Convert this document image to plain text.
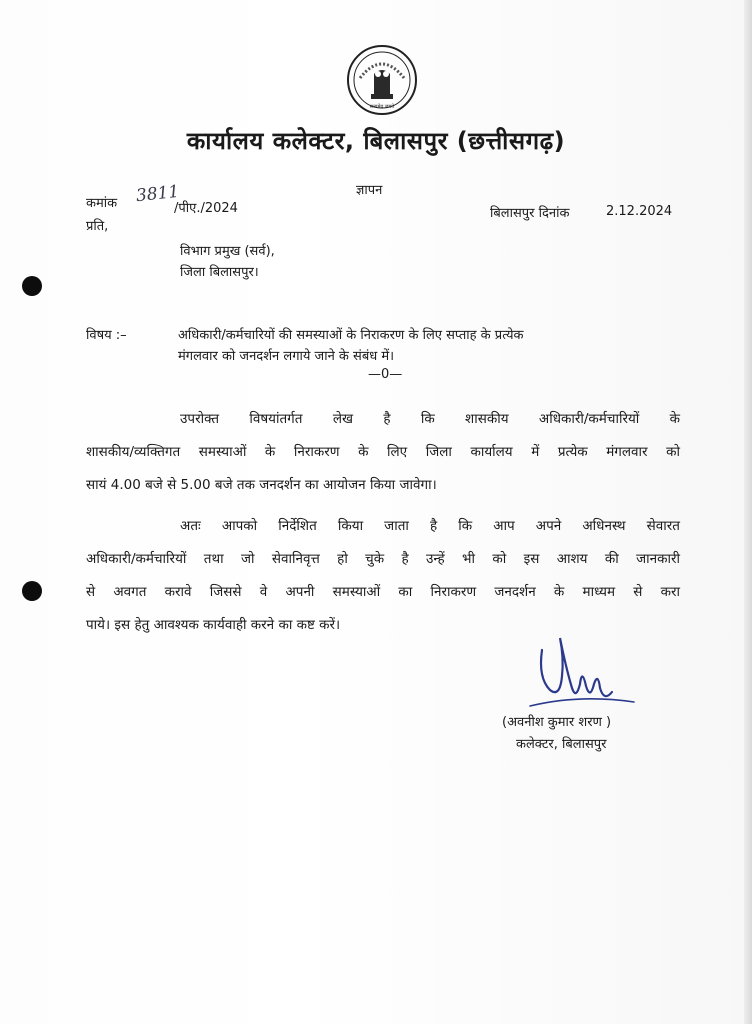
सत्यमेव जयते
कार्यालय कलेक्टर, बिलासपुर (छत्तीसगढ़)
ज्ञापन
कमांक 3811
/पीए./2024
प्रति,
बिलासपुर दिनांक	2.12.2024
विभाग प्रमुख (सर्व),
जिला बिलासपुर।
विषय :–	अधिकारी/कर्मचारियों की समस्याओं के निराकरण के लिए सप्ताह के प्रत्येक
मंगलवार को जनदर्शन लगाये जाने के संबंध में।
—0—
उपरोक्त विषयांतर्गत लेख है कि शासकीय अधिकारी/कर्मचारियों के
शासकीय/व्यक्तिगत समस्याओं के निराकरण के लिए जिला कार्यालय में प्रत्येक मंगलवार को
सायं 4.00 बजे से 5.00 बजे तक जनदर्शन का आयोजन किया जावेगा।
अतः आपको निर्देशित किया जाता है कि आप अपने अधिनस्थ सेवारत
अधिकारी/कर्मचारियों तथा जो सेवानिवृत्त हो चुके है उन्हें भी को इस आशय की जानकारी
से अवगत करावे जिससे वे अपनी समस्याओं का निराकरण जनदर्शन के माध्यम से करा
पाये। इस हेतु आवश्यक कार्यवाही करने का कष्ट करें।
(अवनीश कुमार शरण )
कलेक्टर, बिलासपुर
